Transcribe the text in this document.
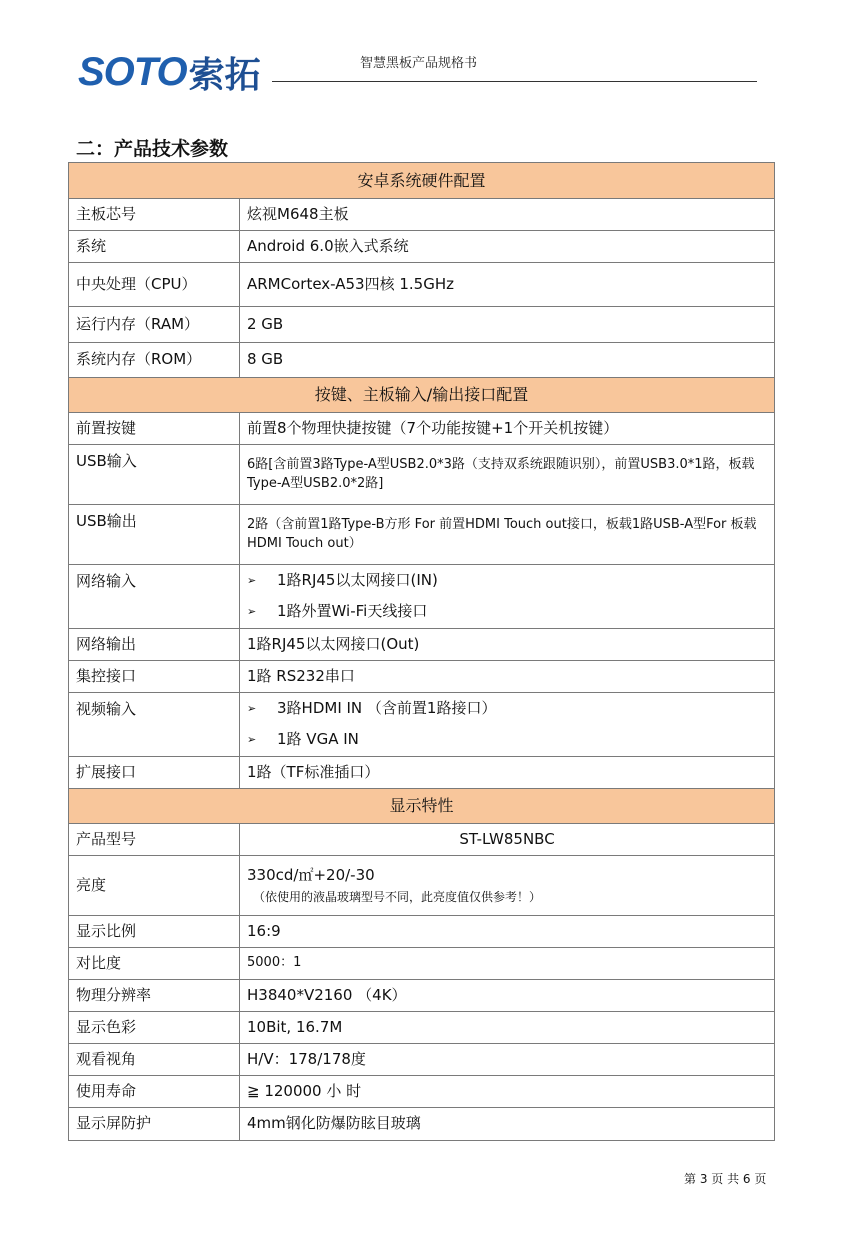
SOTO 索拓	智慧黑板产品规格书
二：产品技术参数
安卓系统硬件配置	
主板芯号	炫视M648主板
系统	Android 6.0嵌入式系统
中央处理（CPU）	ARMCortex-A53四核 1.5GHz
运行内存（RAM）	2 GB
系统内存（ROM）	8 GB
按键、主板输入/输出接口配置	
前置按键	前置8个物理快捷按键（7个功能按键+1个开关机按键）
USB输入	6路[含前置3路Type-A型USB2.0*3路（支持双系统跟随识别），前置USB3.0*1路，板载Type-A型USB2.0*2路]
USB输出	2路（含前置1路Type-B方形 For 前置HDMI Touch out接口，板载1路USB-A型For 板载HDMI Touch out）
网络输入	➢ 1路RJ45以太网接口(IN)
➢ 1路外置Wi-Fi天线接口

网络输出	1路RJ45以太网接口(Out)
集控接口	1路 RS232串口
视频输入	➢ 3路HDMI IN （含前置1路接口）
➢ 1路 VGA IN

扩展接口	1路（TF标准插口）
显示特性	
产品型号	ST-LW85NBC
亮度	330cd/㎡+20/-30
（依使用的液晶玻璃型号不同，此亮度值仅供参考！）

显示比例	16:9
对比度	5000：1
物理分辨率	H3840*V2160 （4K）
显示色彩	10Bit, 16.7M
观看视角	H/V：178/178度
使用寿命	≧ 120000 小 时
显示屏防护	4mm钢化防爆防眩目玻璃
第 3 页 共 6 页
